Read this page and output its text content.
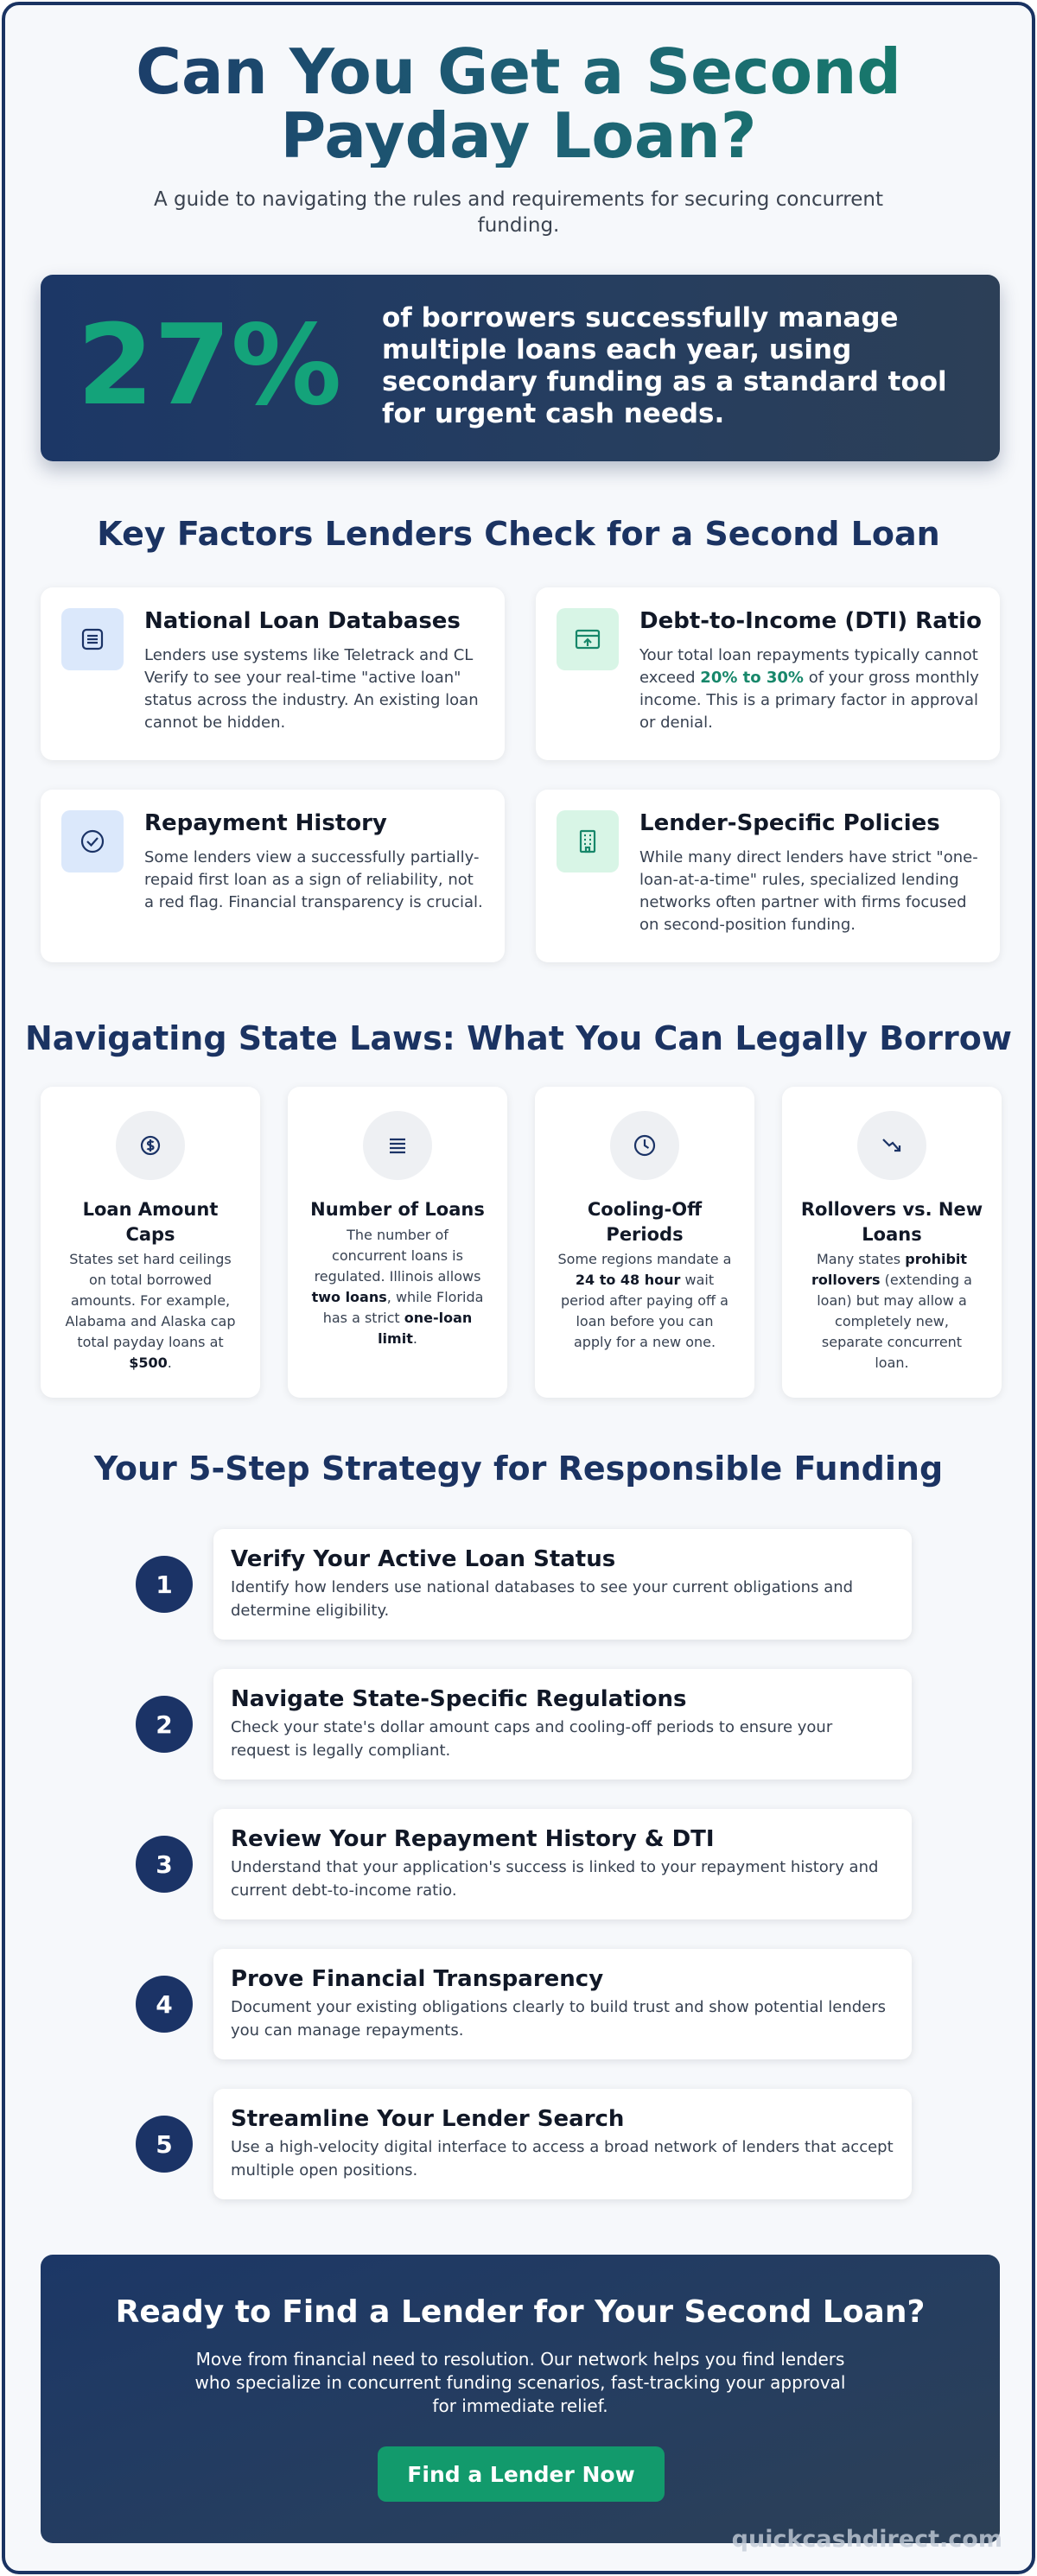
Can You Get a Second Payday Loan?

A guide to navigating the rules and requirements for securing concurrent funding.

27% of borrowers successfully manage multiple loans each year, using secondary funding as a standard tool for urgent cash needs.
Key Factors Lenders Check for a Second Loan
National Loan Databases
Lenders use systems like Teletrack and CL Verify to see your real-time "active loan" status across the industry. An existing loan cannot be hidden.
Debt-to-Income (DTI) Ratio
Your total loan repayments typically cannot exceed 20% to 30% of your gross monthly income. This is a primary factor in approval or denial.
Repayment History
Some lenders view a successfully partially-repaid first loan as a sign of reliability, not a red flag. Financial transparency is crucial.
Lender-Specific Policies
While many direct lenders have strict "one-loan-at-a-time" rules, specialized lending networks often partner with firms focused on second-position funding.
Navigating State Laws: What You Can Legally Borrow
Loan Amount Caps
States set hard ceilings on total borrowed amounts. For example, Alabama and Alaska cap total payday loans at $500.
Number of Loans
The number of concurrent loans is regulated. Illinois allows two loans, while Florida has a strict one-loan limit.
Cooling-Off Periods
Some regions mandate a 24 to 48 hour wait period after paying off a loan before you can apply for a new one.
Rollovers vs. New Loans
Many states prohibit rollovers (extending a loan) but may allow a completely new, separate concurrent loan.
Your 5-Step Strategy for Responsible Funding
1
Verify Your Active Loan Status
Identify how lenders use national databases to see your current obligations and determine eligibility.
2
Navigate State-Specific Regulations
Check your state's dollar amount caps and cooling-off periods to ensure your request is legally compliant.
3
Review Your Repayment History & DTI
Understand that your application's success is linked to your repayment history and current debt-to-income ratio.
4
Prove Financial Transparency
Document your existing obligations clearly to build trust and show potential lenders you can manage repayments.
5
Streamline Your Lender Search
Use a high-velocity digital interface to access a broad network of lenders that accept multiple open positions.
Ready to Find a Lender for Your Second Loan?
Move from financial need to resolution. Our network helps you find lenders who specialize in concurrent funding scenarios, fast-tracking your approval for immediate relief.
Find a Lender Now
quickcashdirect.com
